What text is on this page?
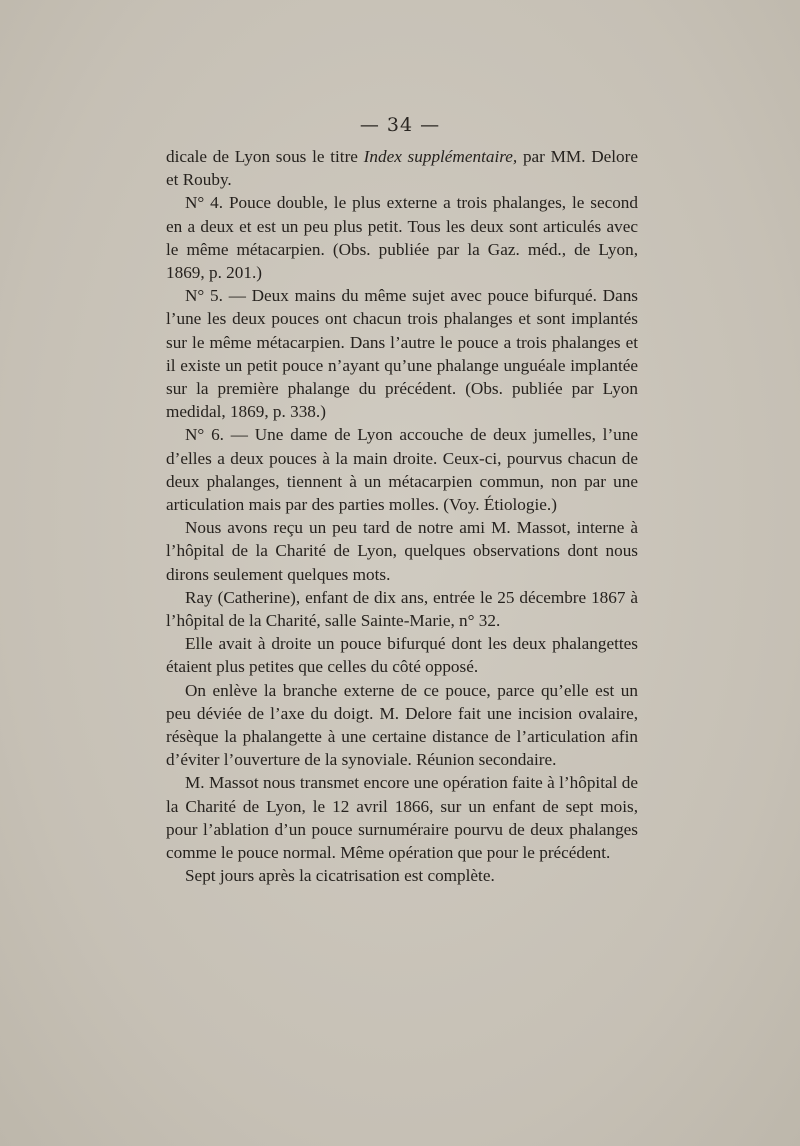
— 34 —

dicale de Lyon sous le titre Index supplémentaire, par MM. Delore et Rouby.

N° 4. Pouce double, le plus externe a trois phalanges, le second en a deux et est un peu plus petit. Tous les deux sont articulés avec le même métacarpien. (Obs. publiée par la Gaz. méd., de Lyon, 1869, p. 201.)

N° 5. — Deux mains du même sujet avec pouce bifurqué. Dans l’une les deux pouces ont chacun trois phalanges et sont implantés sur le même métacarpien. Dans l’autre le pouce a trois phalanges et il existe un petit pouce n’ayant qu’une phalange unguéale implantée sur la première phalange du précédent. (Obs. publiée par Lyon medidal, 1869, p. 338.)

N° 6. — Une dame de Lyon accouche de deux jumelles, l’une d’elles a deux pouces à la main droite. Ceux-ci, pourvus chacun de deux phalanges, tiennent à un métacarpien commun, non par une articulation mais par des parties molles. (Voy. Étiologie.)

Nous avons reçu un peu tard de notre ami M. Massot, interne à l’hôpital de la Charité de Lyon, quelques observations dont nous dirons seulement quelques mots.

Ray (Catherine), enfant de dix ans, entrée le 25 décembre 1867 à l’hôpital de la Charité, salle Sainte-Marie, n° 32.

Elle avait à droite un pouce bifurqué dont les deux phalangettes étaient plus petites que celles du côté opposé.

On enlève la branche externe de ce pouce, parce qu’elle est un peu déviée de l’axe du doigt. M. Delore fait une incision ovalaire, résèque la phalangette à une certaine distance de l’articulation afin d’éviter l’ouverture de la synoviale. Réunion secondaire.

M. Massot nous transmet encore une opération faite à l’hôpital de la Charité de Lyon, le 12 avril 1866, sur un enfant de sept mois, pour l’ablation d’un pouce surnuméraire pourvu de deux phalanges comme le pouce normal. Même opération que pour le précédent.

Sept jours après la cicatrisation est complète.
